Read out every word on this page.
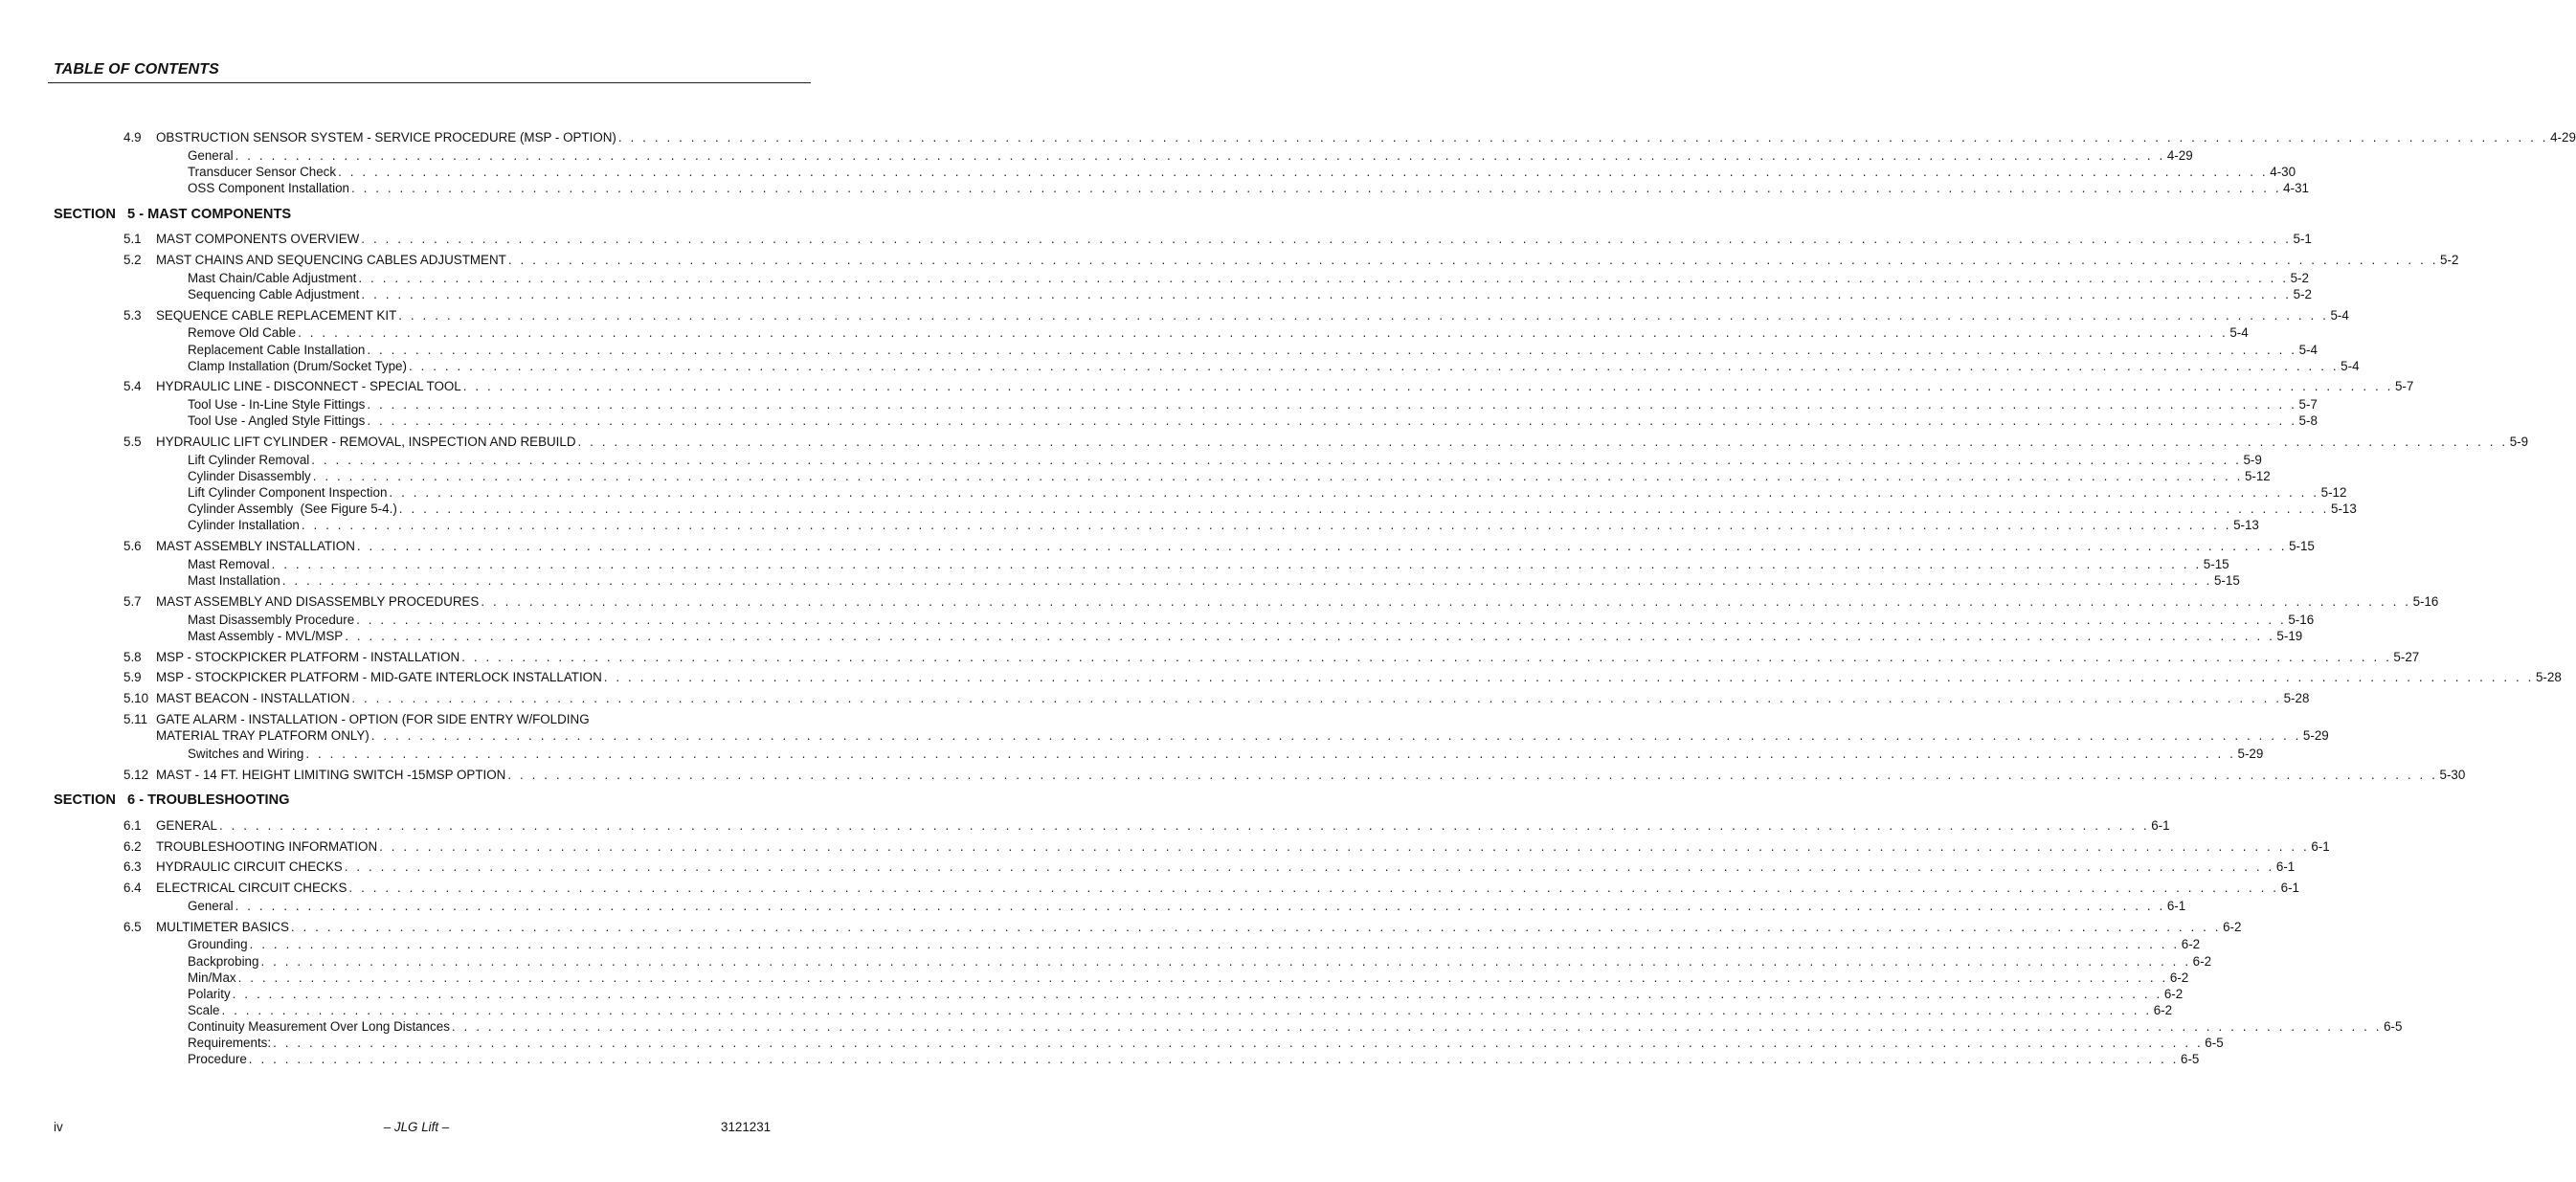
TABLE OF CONTENTS
4.9 OBSTRUCTION SENSOR SYSTEM - SERVICE PROCEDURE (MSP - OPTION) . . . . . . . . . . . . . . . . . . . . . . . . . . . . . . . . . . . . . . . . . . . . . . . . . . . . . . . . . . . . . . . . . . . . . . . . . . . . . . . . . . . . . . . . . . . . . . . . . . . . . . . . . . . . . . . . . . . . . . . . . . . . . . . . . . . . . . . . . . . . . . . . . . . . . . . . . . . . . . . . 4-29
General . . . . . . . . . . . . . . . . . . . . . . . . . . . . . . . . . . . . . . . . . . . . . . . . . . . . . . . . . . . . . . . . . . . . . . . . . . . . . . . . . . . . . . . . . . . . . . . . . . . . . . . . . . . . . . . . . . . . . . . . . . . . . . . . . . . . . . . . . . . . . . . . . . . . . . . . . . . . . . . . 4-29
Transducer Sensor Check . . . . . . . . . . . . . . . . . . . . . . . . . . . . . . . . . . . . . . . . . . . . . . . . . . . . . . . . . . . . . . . . . . . . . . . . . . . . . . . . . . . . . . . . . . . . . . . . . . . . . . . . . . . . . . . . . . . . . . . . . . . . . . . . . . . . . . . . . . . . . . . . . . . . . . . . . . . . . . . . 4-30
OSS Component Installation . . . . . . . . . . . . . . . . . . . . . . . . . . . . . . . . . . . . . . . . . . . . . . . . . . . . . . . . . . . . . . . . . . . . . . . . . . . . . . . . . . . . . . . . . . . . . . . . . . . . . . . . . . . . . . . . . . . . . . . . . . . . . . . . . . . . . . . . . . . . . . . . . . . . . . . . . . . . . . . . 4-31
SECTION   5 - MAST COMPONENTS
5.1 MAST COMPONENTS OVERVIEW . . . . . . . . . . . . . . . . . . . . . . . . . . . . . . . . . . . . . . . . . . . . . . . . . . . . . . . . . . . . . . . . . . . . . . . . . . . . . . . . . . . . . . . . . . . . . . . . . . . . . . . . . . . . . . . . . . . . . . . . . . . . . . . . . . . . . . . . . . . . . . . . . . . . . . . . . . . . . . . . 5-1
5.2 MAST CHAINS AND SEQUENCING CABLES ADJUSTMENT . . . . . . . . . . . . . . . . . . . . . . . . . . . . . . . . . . . . . . . . . . . . . . . . . . . . . . . . . . . . . . . . . . . . . . . . . . . . . . . . . . . . . . . . . . . . . . . . . . . . . . . . . . . . . . . . . . . . . . . . . . . . . . . . . . . . . . . . . . . . . . . . . . . . . . . . . . . . . . . . 5-2
Mast Chain/Cable Adjustment . . . . . . . . . . . . . . . . . . . . . . . . . . . . . . . . . . . . . . . . . . . . . . . . . . . . . . . . . . . . . . . . . . . . . . . . . . . . . . . . . . . . . . . . . . . . . . . . . . . . . . . . . . . . . . . . . . . . . . . . . . . . . . . . . . . . . . . . . . . . . . . . . . . . . . . . . . . . . . . . 5-2
Sequencing Cable Adjustment . . . . . . . . . . . . . . . . . . . . . . . . . . . . . . . . . . . . . . . . . . . . . . . . . . . . . . . . . . . . . . . . . . . . . . . . . . . . . . . . . . . . . . . . . . . . . . . . . . . . . . . . . . . . . . . . . . . . . . . . . . . . . . . . . . . . . . . . . . . . . . . . . . . . . . . . . . . . . . . . 5-2
5.3 SEQUENCE CABLE REPLACEMENT KIT . . . . . . . . . . . . . . . . . . . . . . . . . . . . . . . . . . . . . . . . . . . . . . . . . . . . . . . . . . . . . . . . . . . . . . . . . . . . . . . . . . . . . . . . . . . . . . . . . . . . . . . . . . . . . . . . . . . . . . . . . . . . . . . . . . . . . . . . . . . . . . . . . . . . . . . . . . . . . . . . 5-4
Remove Old Cable . . . . . . . . . . . . . . . . . . . . . . . . . . . . . . . . . . . . . . . . . . . . . . . . . . . . . . . . . . . . . . . . . . . . . . . . . . . . . . . . . . . . . . . . . . . . . . . . . . . . . . . . . . . . . . . . . . . . . . . . . . . . . . . . . . . . . . . . . . . . . . . . . . . . . . . . . . . . . . . . 5-4
Replacement Cable Installation . . . . . . . . . . . . . . . . . . . . . . . . . . . . . . . . . . . . . . . . . . . . . . . . . . . . . . . . . . . . . . . . . . . . . . . . . . . . . . . . . . . . . . . . . . . . . . . . . . . . . . . . . . . . . . . . . . . . . . . . . . . . . . . . . . . . . . . . . . . . . . . . . . . . . . . . . . . . . . . . 5-4
Clamp Installation (Drum/Socket Type) . . . . . . . . . . . . . . . . . . . . . . . . . . . . . . . . . . . . . . . . . . . . . . . . . . . . . . . . . . . . . . . . . . . . . . . . . . . . . . . . . . . . . . . . . . . . . . . . . . . . . . . . . . . . . . . . . . . . . . . . . . . . . . . . . . . . . . . . . . . . . . . . . . . . . . . . . . . . . . . . 5-4
5.4 HYDRAULIC LINE - DISCONNECT - SPECIAL TOOL . . . . . . . . . . . . . . . . . . . . . . . . . . . . . . . . . . . . . . . . . . . . . . . . . . . . . . . . . . . . . . . . . . . . . . . . . . . . . . . . . . . . . . . . . . . . . . . . . . . . . . . . . . . . . . . . . . . . . . . . . . . . . . . . . . . . . . . . . . . . . . . . . . . . . . . . . . . . . . . . 5-7
Tool Use - In-Line Style Fittings . . . . . . . . . . . . . . . . . . . . . . . . . . . . . . . . . . . . . . . . . . . . . . . . . . . . . . . . . . . . . . . . . . . . . . . . . . . . . . . . . . . . . . . . . . . . . . . . . . . . . . . . . . . . . . . . . . . . . . . . . . . . . . . . . . . . . . . . . . . . . . . . . . . . . . . . . . . . . . . . 5-7
Tool Use - Angled Style Fittings . . . . . . . . . . . . . . . . . . . . . . . . . . . . . . . . . . . . . . . . . . . . . . . . . . . . . . . . . . . . . . . . . . . . . . . . . . . . . . . . . . . . . . . . . . . . . . . . . . . . . . . . . . . . . . . . . . . . . . . . . . . . . . . . . . . . . . . . . . . . . . . . . . . . . . . . . . . . . . . . 5-8
5.5 HYDRAULIC LIFT CYLINDER - REMOVAL, INSPECTION AND REBUILD . . . . . . . . . . . . . . . . . . . . . . . . . . . . . . . . . . . . . . . . . . . . . . . . . . . . . . . . . . . . . . . . . . . . . . . . . . . . . . . . . . . . . . . . . . . . . . . . . . . . . . . . . . . . . . . . . . . . . . . . . . . . . . . . . . . . . . . . . . . . . . . . . . . . . . . . . . . . . . . . 5-9
Lift Cylinder Removal . . . . . . . . . . . . . . . . . . . . . . . . . . . . . . . . . . . . . . . . . . . . . . . . . . . . . . . . . . . . . . . . . . . . . . . . . . . . . . . . . . . . . . . . . . . . . . . . . . . . . . . . . . . . . . . . . . . . . . . . . . . . . . . . . . . . . . . . . . . . . . . . . . . . . . . . . . . . . . . . 5-9
Cylinder Disassembly . . . . . . . . . . . . . . . . . . . . . . . . . . . . . . . . . . . . . . . . . . . . . . . . . . . . . . . . . . . . . . . . . . . . . . . . . . . . . . . . . . . . . . . . . . . . . . . . . . . . . . . . . . . . . . . . . . . . . . . . . . . . . . . . . . . . . . . . . . . . . . . . . . . . . . . . . . . . . . . . 5-12
Lift Cylinder Component Inspection . . . . . . . . . . . . . . . . . . . . . . . . . . . . . . . . . . . . . . . . . . . . . . . . . . . . . . . . . . . . . . . . . . . . . . . . . . . . . . . . . . . . . . . . . . . . . . . . . . . . . . . . . . . . . . . . . . . . . . . . . . . . . . . . . . . . . . . . . . . . . . . . . . . . . . . . . . . . . . . . 5-12
Cylinder Assembly  (See Figure 5-4.) . . . . . . . . . . . . . . . . . . . . . . . . . . . . . . . . . . . . . . . . . . . . . . . . . . . . . . . . . . . . . . . . . . . . . . . . . . . . . . . . . . . . . . . . . . . . . . . . . . . . . . . . . . . . . . . . . . . . . . . . . . . . . . . . . . . . . . . . . . . . . . . . . . . . . . . . . . . . . . . . 5-13
Cylinder Installation . . . . . . . . . . . . . . . . . . . . . . . . . . . . . . . . . . . . . . . . . . . . . . . . . . . . . . . . . . . . . . . . . . . . . . . . . . . . . . . . . . . . . . . . . . . . . . . . . . . . . . . . . . . . . . . . . . . . . . . . . . . . . . . . . . . . . . . . . . . . . . . . . . . . . . . . . . . . . . . . 5-13
5.6 MAST ASSEMBLY INSTALLATION . . . . . . . . . . . . . . . . . . . . . . . . . . . . . . . . . . . . . . . . . . . . . . . . . . . . . . . . . . . . . . . . . . . . . . . . . . . . . . . . . . . . . . . . . . . . . . . . . . . . . . . . . . . . . . . . . . . . . . . . . . . . . . . . . . . . . . . . . . . . . . . . . . . . . . . . . . . . . . . . 5-15
Mast Removal . . . . . . . . . . . . . . . . . . . . . . . . . . . . . . . . . . . . . . . . . . . . . . . . . . . . . . . . . . . . . . . . . . . . . . . . . . . . . . . . . . . . . . . . . . . . . . . . . . . . . . . . . . . . . . . . . . . . . . . . . . . . . . . . . . . . . . . . . . . . . . . . . . . . . . . . . . . . . . . . 5-15
Mast Installation . . . . . . . . . . . . . . . . . . . . . . . . . . . . . . . . . . . . . . . . . . . . . . . . . . . . . . . . . . . . . . . . . . . . . . . . . . . . . . . . . . . . . . . . . . . . . . . . . . . . . . . . . . . . . . . . . . . . . . . . . . . . . . . . . . . . . . . . . . . . . . . . . . . . . . . . . . . . . . . . 5-15
5.7 MAST ASSEMBLY AND DISASSEMBLY PROCEDURES . . . . . . . . . . . . . . . . . . . . . . . . . . . . . . . . . . . . . . . . . . . . . . . . . . . . . . . . . . . . . . . . . . . . . . . . . . . . . . . . . . . . . . . . . . . . . . . . . . . . . . . . . . . . . . . . . . . . . . . . . . . . . . . . . . . . . . . . . . . . . . . . . . . . . . . . . . . . . . . . 5-16
Mast Disassembly Procedure . . . . . . . . . . . . . . . . . . . . . . . . . . . . . . . . . . . . . . . . . . . . . . . . . . . . . . . . . . . . . . . . . . . . . . . . . . . . . . . . . . . . . . . . . . . . . . . . . . . . . . . . . . . . . . . . . . . . . . . . . . . . . . . . . . . . . . . . . . . . . . . . . . . . . . . . . . . . . . . . 5-16
Mast Assembly - MVL/MSP . . . . . . . . . . . . . . . . . . . . . . . . . . . . . . . . . . . . . . . . . . . . . . . . . . . . . . . . . . . . . . . . . . . . . . . . . . . . . . . . . . . . . . . . . . . . . . . . . . . . . . . . . . . . . . . . . . . . . . . . . . . . . . . . . . . . . . . . . . . . . . . . . . . . . . . . . . . . . . . . 5-19
5.8 MSP - STOCKPICKER PLATFORM - INSTALLATION . . . . . . . . . . . . . . . . . . . . . . . . . . . . . . . . . . . . . . . . . . . . . . . . . . . . . . . . . . . . . . . . . . . . . . . . . . . . . . . . . . . . . . . . . . . . . . . . . . . . . . . . . . . . . . . . . . . . . . . . . . . . . . . . . . . . . . . . . . . . . . . . . . . . . . . . . . . . . . . . 5-27
5.9 MSP - STOCKPICKER PLATFORM - MID-GATE INTERLOCK INSTALLATION . . . . . . . . . . . . . . . . . . . . . . . . . . . . . . . . . . . . . . . . . . . . . . . . . . . . . . . . . . . . . . . . . . . . . . . . . . . . . . . . . . . . . . . . . . . . . . . . . . . . . . . . . . . . . . . . . . . . . . . . . . . . . . . . . . . . . . . . . . . . . . . . . . . . . . . . . . . . . . . . 5-28
5.10 MAST BEACON - INSTALLATION . . . . . . . . . . . . . . . . . . . . . . . . . . . . . . . . . . . . . . . . . . . . . . . . . . . . . . . . . . . . . . . . . . . . . . . . . . . . . . . . . . . . . . . . . . . . . . . . . . . . . . . . . . . . . . . . . . . . . . . . . . . . . . . . . . . . . . . . . . . . . . . . . . . . . . . . . . . . . . . . 5-28
5.11 GATE ALARM - INSTALLATION - OPTION (FOR SIDE ENTRY W/FOLDING
MATERIAL TRAY PLATFORM ONLY) . . . . . . . . . . . . . . . . . . . . . . . . . . . . . . . . . . . . . . . . . . . . . . . . . . . . . . . . . . . . . . . . . . . . . . . . . . . . . . . . . . . . . . . . . . . . . . . . . . . . . . . . . . . . . . . . . . . . . . . . . . . . . . . . . . . . . . . . . . . . . . . . . . . . . . . . . . . . . . . . 5-29
Switches and Wiring . . . . . . . . . . . . . . . . . . . . . . . . . . . . . . . . . . . . . . . . . . . . . . . . . . . . . . . . . . . . . . . . . . . . . . . . . . . . . . . . . . . . . . . . . . . . . . . . . . . . . . . . . . . . . . . . . . . . . . . . . . . . . . . . . . . . . . . . . . . . . . . . . . . . . . . . . . . . . . . . 5-29
5.12 MAST - 14 FT. HEIGHT LIMITING SWITCH -15MSP OPTION . . . . . . . . . . . . . . . . . . . . . . . . . . . . . . . . . . . . . . . . . . . . . . . . . . . . . . . . . . . . . . . . . . . . . . . . . . . . . . . . . . . . . . . . . . . . . . . . . . . . . . . . . . . . . . . . . . . . . . . . . . . . . . . . . . . . . . . . . . . . . . . . . . . . . . . . . . . . . . . . 5-30
SECTION   6 - TROUBLESHOOTING
6.1 GENERAL . . . . . . . . . . . . . . . . . . . . . . . . . . . . . . . . . . . . . . . . . . . . . . . . . . . . . . . . . . . . . . . . . . . . . . . . . . . . . . . . . . . . . . . . . . . . . . . . . . . . . . . . . . . . . . . . . . . . . . . . . . . . . . . . . . . . . . . . . . . . . . . . . . . . . . . . . . . . . . . . 6-1
6.2 TROUBLESHOOTING INFORMATION . . . . . . . . . . . . . . . . . . . . . . . . . . . . . . . . . . . . . . . . . . . . . . . . . . . . . . . . . . . . . . . . . . . . . . . . . . . . . . . . . . . . . . . . . . . . . . . . . . . . . . . . . . . . . . . . . . . . . . . . . . . . . . . . . . . . . . . . . . . . . . . . . . . . . . . . . . . . . . . . 6-1
6.3 HYDRAULIC CIRCUIT CHECKS . . . . . . . . . . . . . . . . . . . . . . . . . . . . . . . . . . . . . . . . . . . . . . . . . . . . . . . . . . . . . . . . . . . . . . . . . . . . . . . . . . . . . . . . . . . . . . . . . . . . . . . . . . . . . . . . . . . . . . . . . . . . . . . . . . . . . . . . . . . . . . . . . . . . . . . . . . . . . . . . 6-1
6.4 ELECTRICAL CIRCUIT CHECKS . . . . . . . . . . . . . . . . . . . . . . . . . . . . . . . . . . . . . . . . . . . . . . . . . . . . . . . . . . . . . . . . . . . . . . . . . . . . . . . . . . . . . . . . . . . . . . . . . . . . . . . . . . . . . . . . . . . . . . . . . . . . . . . . . . . . . . . . . . . . . . . . . . . . . . . . . . . . . . . . 6-1
General . . . . . . . . . . . . . . . . . . . . . . . . . . . . . . . . . . . . . . . . . . . . . . . . . . . . . . . . . . . . . . . . . . . . . . . . . . . . . . . . . . . . . . . . . . . . . . . . . . . . . . . . . . . . . . . . . . . . . . . . . . . . . . . . . . . . . . . . . . . . . . . . . . . . . . . . . . . . . . . . 6-1
6.5 MULTIMETER BASICS . . . . . . . . . . . . . . . . . . . . . . . . . . . . . . . . . . . . . . . . . . . . . . . . . . . . . . . . . . . . . . . . . . . . . . . . . . . . . . . . . . . . . . . . . . . . . . . . . . . . . . . . . . . . . . . . . . . . . . . . . . . . . . . . . . . . . . . . . . . . . . . . . . . . . . . . . . . . . . . . 6-2
Grounding . . . . . . . . . . . . . . . . . . . . . . . . . . . . . . . . . . . . . . . . . . . . . . . . . . . . . . . . . . . . . . . . . . . . . . . . . . . . . . . . . . . . . . . . . . . . . . . . . . . . . . . . . . . . . . . . . . . . . . . . . . . . . . . . . . . . . . . . . . . . . . . . . . . . . . . . . . . . . . . . 6-2
Backprobing . . . . . . . . . . . . . . . . . . . . . . . . . . . . . . . . . . . . . . . . . . . . . . . . . . . . . . . . . . . . . . . . . . . . . . . . . . . . . . . . . . . . . . . . . . . . . . . . . . . . . . . . . . . . . . . . . . . . . . . . . . . . . . . . . . . . . . . . . . . . . . . . . . . . . . . . . . . . . . . . 6-2
Min/Max . . . . . . . . . . . . . . . . . . . . . . . . . . . . . . . . . . . . . . . . . . . . . . . . . . . . . . . . . . . . . . . . . . . . . . . . . . . . . . . . . . . . . . . . . . . . . . . . . . . . . . . . . . . . . . . . . . . . . . . . . . . . . . . . . . . . . . . . . . . . . . . . . . . . . . . . . . . . . . . . 6-2
Polarity . . . . . . . . . . . . . . . . . . . . . . . . . . . . . . . . . . . . . . . . . . . . . . . . . . . . . . . . . . . . . . . . . . . . . . . . . . . . . . . . . . . . . . . . . . . . . . . . . . . . . . . . . . . . . . . . . . . . . . . . . . . . . . . . . . . . . . . . . . . . . . . . . . . . . . . . . . . . . . . . 6-2
Scale . . . . . . . . . . . . . . . . . . . . . . . . . . . . . . . . . . . . . . . . . . . . . . . . . . . . . . . . . . . . . . . . . . . . . . . . . . . . . . . . . . . . . . . . . . . . . . . . . . . . . . . . . . . . . . . . . . . . . . . . . . . . . . . . . . . . . . . . . . . . . . . . . . . . . . . . . . . . . . . . 6-2
Continuity Measurement Over Long Distances . . . . . . . . . . . . . . . . . . . . . . . . . . . . . . . . . . . . . . . . . . . . . . . . . . . . . . . . . . . . . . . . . . . . . . . . . . . . . . . . . . . . . . . . . . . . . . . . . . . . . . . . . . . . . . . . . . . . . . . . . . . . . . . . . . . . . . . . . . . . . . . . . . . . . . . . . . . . . . . . 6-5
Requirements: . . . . . . . . . . . . . . . . . . . . . . . . . . . . . . . . . . . . . . . . . . . . . . . . . . . . . . . . . . . . . . . . . . . . . . . . . . . . . . . . . . . . . . . . . . . . . . . . . . . . . . . . . . . . . . . . . . . . . . . . . . . . . . . . . . . . . . . . . . . . . . . . . . . . . . . . . . . . . . . . 6-5
Procedure . . . . . . . . . . . . . . . . . . . . . . . . . . . . . . . . . . . . . . . . . . . . . . . . . . . . . . . . . . . . . . . . . . . . . . . . . . . . . . . . . . . . . . . . . . . . . . . . . . . . . . . . . . . . . . . . . . . . . . . . . . . . . . . . . . . . . . . . . . . . . . . . . . . . . . . . . . . . . . . . 6-5
iv	– JLG Lift –	3121231
